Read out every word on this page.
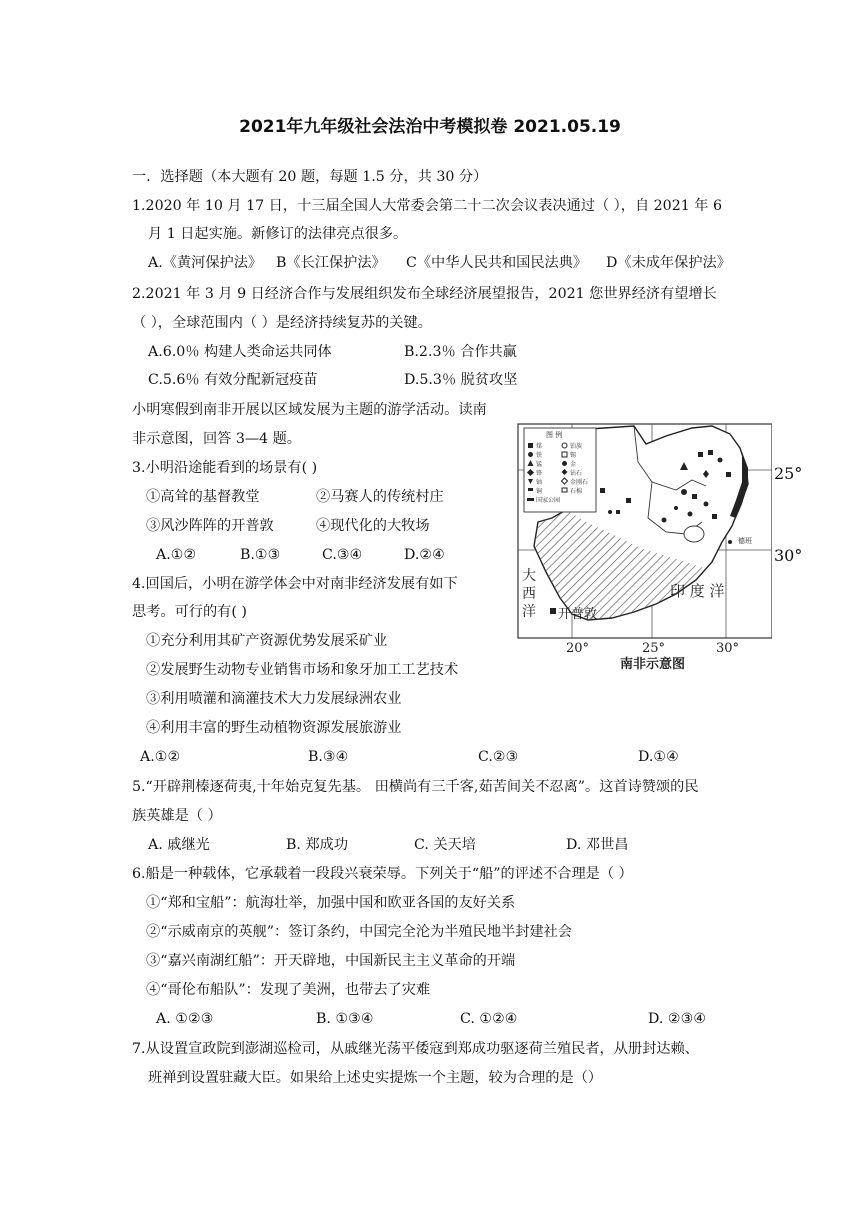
2021年九年级社会法治中考模拟卷 2021.05.19
一．选择题（本大题有 20 题，每题 1.5 分，共 30 分）
1.2020 年 10 月 17 日，十三届全国人大常委会第二十二次会议表决通过（ ），自 2021 年 6
月 1 日起实施。新修订的法律亮点很多。
A.《黄河保护法》 B《长江保护法》 C《中华人民共和国民法典》 D《未成年保护法》
2.2021 年 3 月 9 日经济合作与发展组织发布全球经济展望报告，2021 您世界经济有望增长
（ ），全球范围内（ ）是经济持续复苏的关键。
A.6.0％ 构建人类命运共同体	B.2.3％ 合作共赢
C.5.6％ 有效分配新冠疫苗	D.5.3％ 脱贫攻坚
小明寒假到南非开展以区域发展为主题的游学活动。读南
非示意图，回答 3—4 题。
3.小明沿途能看到的场景有( )
①高耸的基督教堂	②马赛人的传统村庄
③风沙阵阵的开普敦	④现代化的大牧场
A.①②	B.①③	C.③④	D.②④
4.回国后，小明在游学体会中对南非经济发展有如下
思考。可行的有( )
①充分利用其矿产资源优势发展采矿业
②发展野生动物专业销售市场和象牙加工工艺技术
③利用喷灌和滴灌技术大力发展绿洲农业
④利用丰富的野生动植物资源发展旅游业
A.①②	B.③④	C.②③	D.①④
5.“开辟荆榛逐荷夷,十年始克复先基。 田横尚有三千客,茹苦间关不忍离”。这首诗赞颂的民
族英雄是（ ）
A. 戚继光	B. 郑成功	C. 关天培	D. 邓世昌
6.船是一种载体，它承载着一段段兴衰荣辱。下列关于“船”的评述不合理是（ ）
①“郑和宝船”：航海壮举，加强中国和欧亚各国的友好关系
②“示威南京的英舰”：签订条约，中国完全沦为半殖民地半封建社会
③“嘉兴南湖红船”：开天辟地，中国新民主主义革命的开端
④“哥伦布船队”：发现了美洲，也带去了灾难
A. ①②③	B. ①③④	C. ①②④	D. ②③④
7.从设置宣政院到澎湖巡检司，从戚继光荡平倭寇到郑成功驱逐荷兰殖民者，从册封达赖、
班禅到设置驻藏大臣。如果给上述史实提炼一个主题，较为合理的是（）
图 例
煤
铁
锰
铬
铀
铜
国家公园
铂族
锡
金
钻石
金刚石
石棉
德班
大
西
洋 开普敦
印 度 洋
20°	25°	30°
南非示意图
25°
30°
